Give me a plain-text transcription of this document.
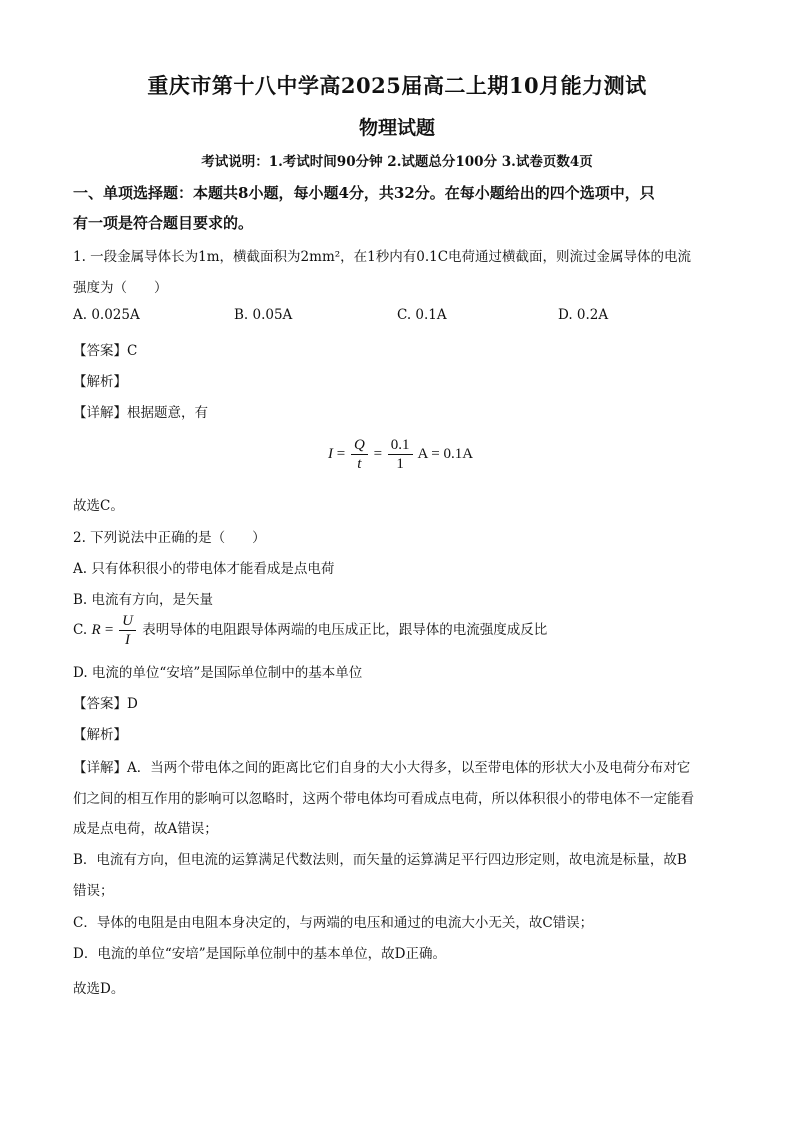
重庆市第十八中学高2025届高二上期10月能力测试
物理试题
考试说明：1.考试时间90分钟 2.试题总分100分 3.试卷页数4页
一、单项选择题：本题共8小题，每小题4分，共32分。在每小题给出的四个选项中，只
有一项是符合题目要求的。
1. 一段金属导体长为1m，横截面积为2mm²，在1秒内有0.1C电荷通过横截面，则流过金属导体的电流
强度为（　　）
A. 0.025A	B. 0.05A	C. 0.1A	D. 0.2A
【答案】C
【解析】
【详解】根据题意，有
$I = \frac{Q}{t} = \frac{0.1}{1}$ A = 0.1A
故选C。
2. 下列说法中正确的是（　　）
A. 只有体积很小的带电体才能看成是点电荷
B. 电流有方向，是矢量
C. $R = \frac{U}{I}$ 表明导体的电阻跟导体两端的电压成正比，跟导体的电流强度成反比
D. 电流的单位“安培”是国际单位制中的基本单位
【答案】D
【解析】
【详解】A．当两个带电体之间的距离比它们自身的大小大得多，以至带电体的形状大小及电荷分布对它
们之间的相互作用的影响可以忽略时，这两个带电体均可看成点电荷，所以体积很小的带电体不一定能看
成是点电荷，故A错误；
B．电流有方向，但电流的运算满足代数法则，而矢量的运算满足平行四边形定则，故电流是标量，故B
错误；
C．导体的电阻是由电阻本身决定的，与两端的电压和通过的电流大小无关，故C错误；
D．电流的单位“安培”是国际单位制中的基本单位，故D正确。
故选D。
